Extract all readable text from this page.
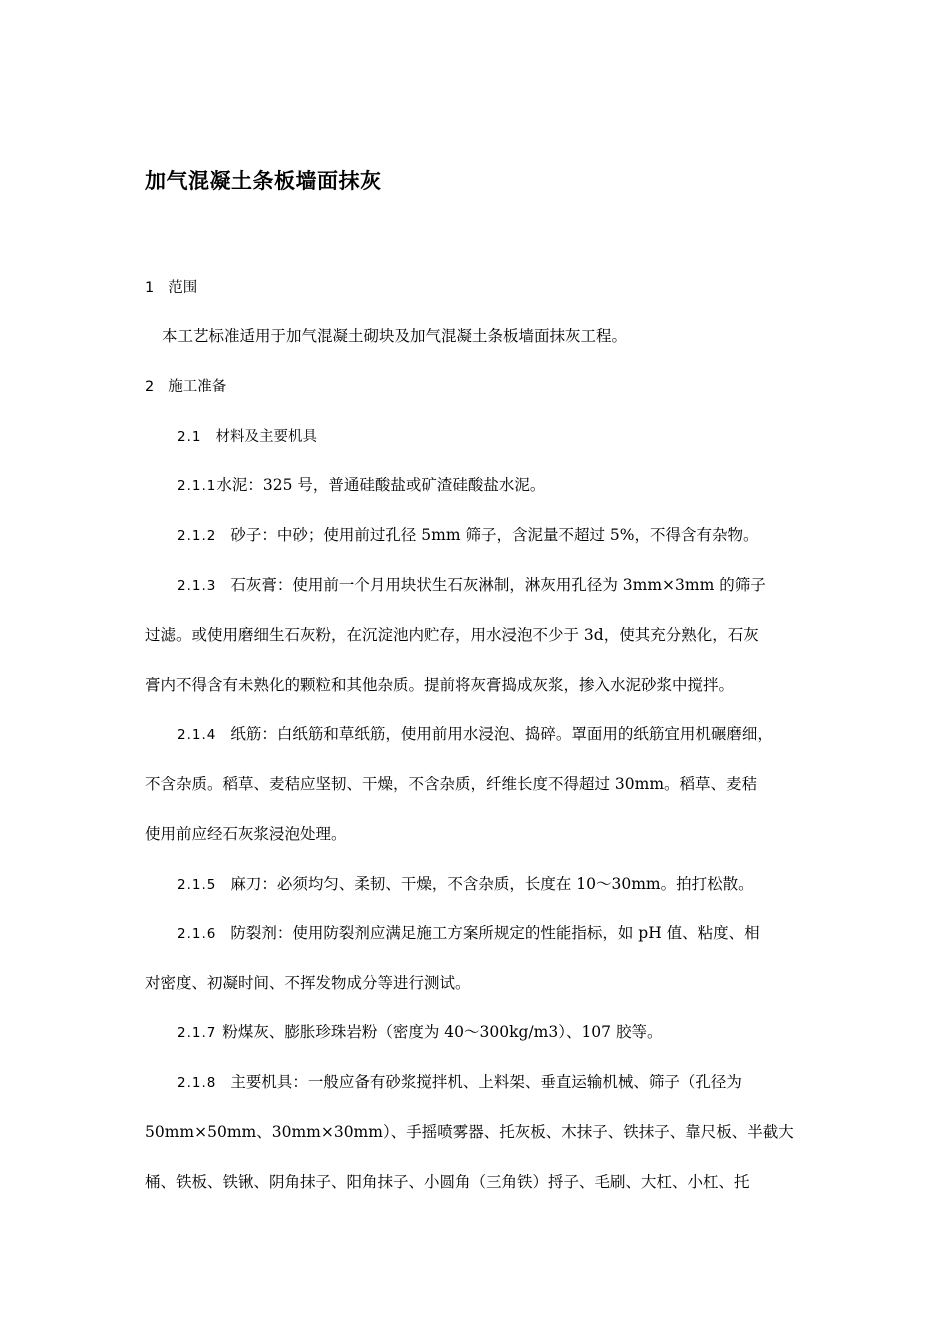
加气混凝土条板墙面抹灰
1 范围
本工艺标准适用于加气混凝土砌块及加气混凝土条板墙面抹灰工程。
2 施工准备
2.1 材料及主要机具
2.1.1水泥：325 号，普通硅酸盐或矿渣硅酸盐水泥。
2.1.2 砂子：中砂；使用前过孔径 5mm 筛子，含泥量不超过 5%，不得含有杂物。
2.1.3 石灰膏：使用前一个月用块状生石灰淋制，淋灰用孔径为 3mm×3mm 的筛子
过滤。或使用磨细生石灰粉，在沉淀池内贮存，用水浸泡不少于 3d，使其充分熟化，石灰
膏内不得含有未熟化的颗粒和其他杂质。提前将灰膏捣成灰浆，掺入水泥砂浆中搅拌。
2.1.4 纸筋：白纸筋和草纸筋，使用前用水浸泡、捣碎。罩面用的纸筋宜用机碾磨细，
不含杂质。稻草、麦秸应坚韧、干燥，不含杂质，纤维长度不得超过 30mm。稻草、麦秸
使用前应经石灰浆浸泡处理。
2.1.5 麻刀：必须均匀、柔韧、干燥，不含杂质，长度在 10～30mm。拍打松散。
2.1.6 防裂剂：使用防裂剂应满足施工方案所规定的性能指标，如 pH 值、粘度、相
对密度、初凝时间、不挥发物成分等进行测试。
2.1.7 粉煤灰、膨胀珍珠岩粉（密度为 40～300kg/m3）、107 胶等。
2.1.8 主要机具：一般应备有砂浆搅拌机、上料架、垂直运输机械、筛子（孔径为
50mm×50mm、30mm×30mm）、手摇喷雾器、托灰板、木抹子、铁抹子、靠尺板、半截大
桶、铁板、铁锹、阴角抹子、阳角抹子、小圆角（三角铁）捋子、毛刷、大杠、小杠、托
